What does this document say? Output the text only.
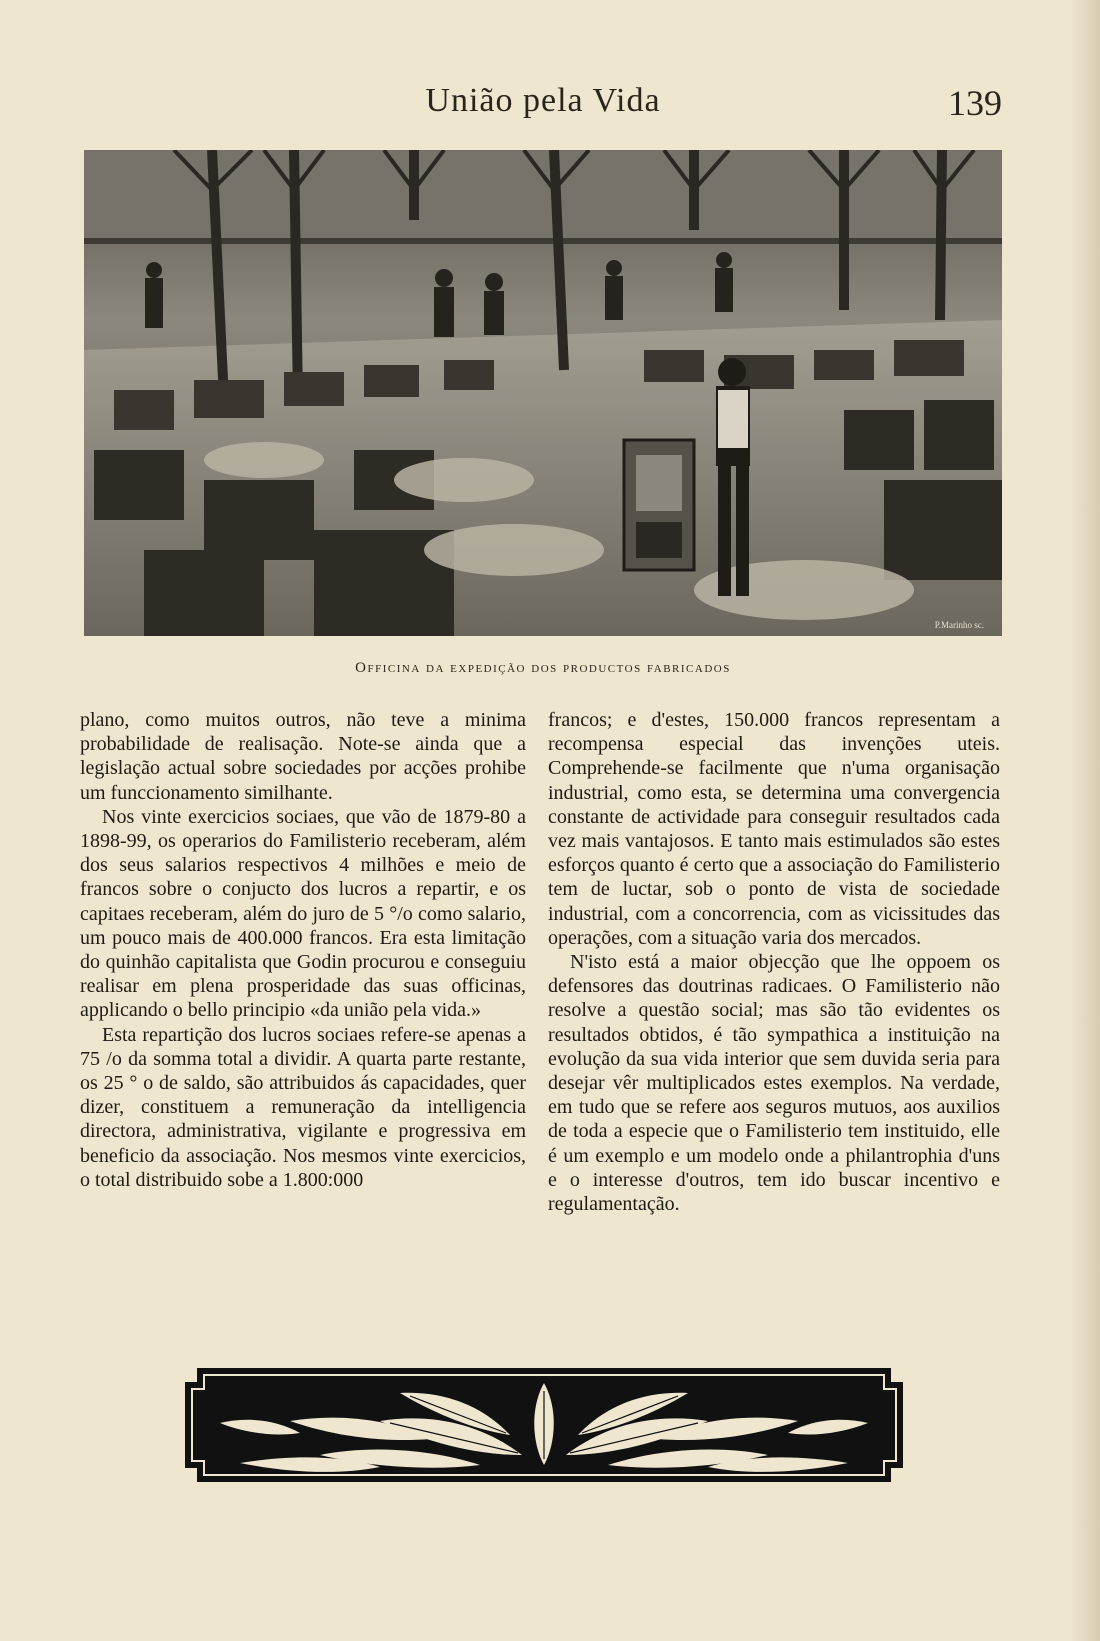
União pela Vida	139
P.Marinho sc.
Officina da expedição dos productos fabricados

plano, como muitos outros, não teve a minima probabilidade de realisação. Note-se ainda que a legislação actual sobre sociedades por acções prohibe um funccionamento similhante.

Nos vinte exercicios sociaes, que vão de 1879-80 a 1898-99, os operarios do Familisterio receberam, além dos seus salarios respectivos 4 milhões e meio de francos sobre o conjucto dos lucros a repartir, e os capitaes receberam, além do juro de 5 °/o como salario, um pouco mais de 400.000 francos. Era esta limitação do quinhão capitalista que Godin procurou e conseguiu realisar em plena prosperidade das suas officinas, applicando o bello principio «da união pela vida.»

Esta repartição dos lucros sociaes refere-se apenas a 75 /o da somma total a dividir. A quarta parte restante, os 25 ° o de saldo, são attribuidos ás capacidades, quer dizer, constituem a remuneração da intelligencia directora, administrativa, vigilante e progressiva em beneficio da associação. Nos mesmos vinte exercicios, o total distribuido sobe a 1.800:000

francos; e d'estes, 150.000 francos representam a recompensa especial das invenções uteis. Comprehende-se facilmente que n'uma organisação industrial, como esta, se determina uma convergencia constante de actividade para conseguir resultados cada vez mais vantajosos. E tanto mais estimulados são estes esforços quanto é certo que a associação do Familisterio tem de luctar, sob o ponto de vista de sociedade industrial, com a concorrencia, com as vicissitudes das operações, com a situação varia dos mercados.

N'isto está a maior objecção que lhe oppoem os defensores das doutrinas radicaes. O Familisterio não resolve a questão social; mas são tão evidentes os resultados obtidos, é tão sympathica a instituição na evolução da sua vida interior que sem duvida seria para desejar vêr multiplicados estes exemplos. Na verdade, em tudo que se refere aos seguros mutuos, aos auxilios de toda a especie que o Familisterio tem instituido, elle é um exemplo e um modelo onde a philantrophia d'uns e o interesse d'outros, tem ido buscar incentivo e regulamentação.
